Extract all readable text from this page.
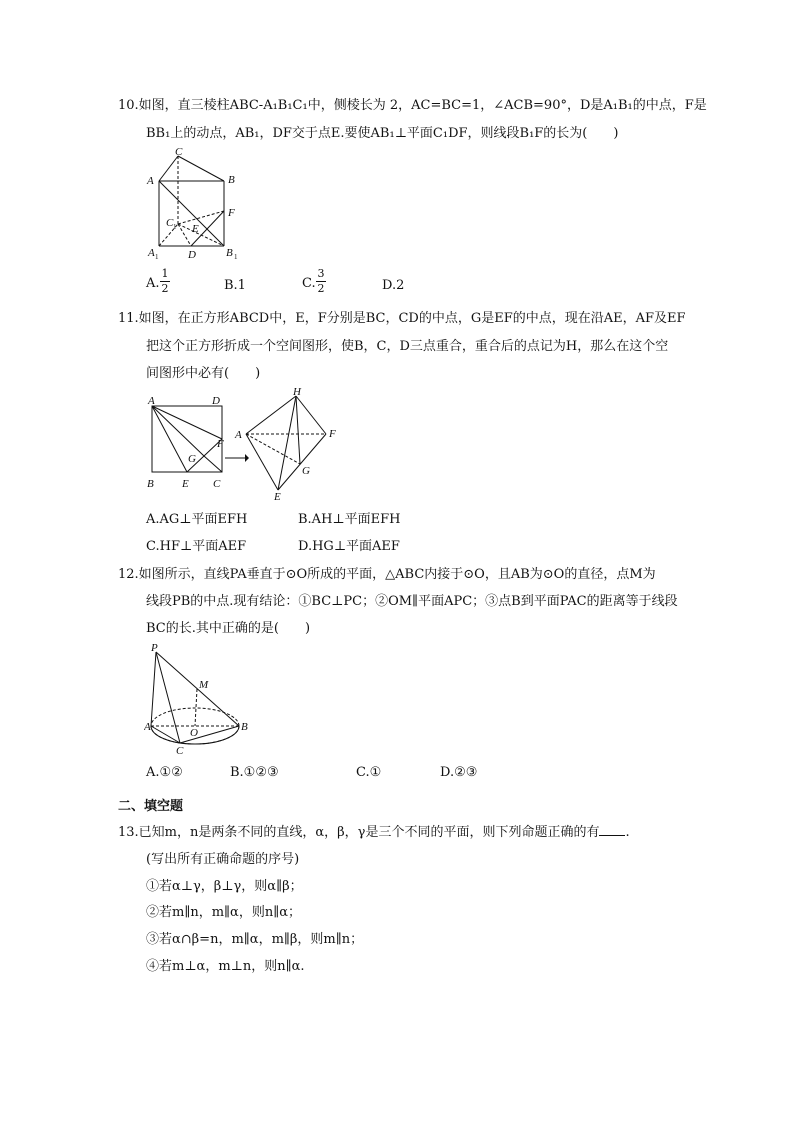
10.如图，直三棱柱ABC-A₁B₁C₁中，侧棱长为 2，AC=BC=1，∠ACB=90°，D是A₁B₁的中点，F是
BB₁上的动点，AB₁，DF交于点E.要使AB₁⊥平面C₁DF，则线段B₁F的长为(　　)
C
A	B
F
C 1 E
A 1	D	B 1
A.
1
2	B.1	C.
3
2	D.2
11.如图，在正方形ABCD中，E，F分别是BC，CD的中点，G是EF的中点，现在沿AE，AF及EF
把这个正方形折成一个空间图形，使B，C，D三点重合，重合后的点记为H，那么在这个空
间图形中必有(　　)
A	D
F
G
B	E C
H
A	F
G
E
A.AG⊥平面EFH	B.AH⊥平面EFH
C.HF⊥平面AEF	D.HG⊥平面AEF
12.如图所示，直线PA垂直于⊙O所成的平面，△ABC内接于⊙O，且AB为⊙O的直径，点M为
线段PB的中点.现有结论：①BC⊥PC；②OM∥平面APC；③点B到平面PAC的距离等于线段
BC的长.其中正确的是(　　)
P
M
A	O	B
C
A.①②	B.①②③	C.①	D.②③
二、填空题
13.已知m，n是两条不同的直线，α，β，γ是三个不同的平面，则下列命题正确的有 .
(写出所有正确命题的序号)
①若α⊥γ，β⊥γ，则α∥β；
②若m∥n，m∥α，则n∥α；
③若α∩β=n，m∥α，m∥β，则m∥n；
④若m⊥α，m⊥n，则n∥α.
